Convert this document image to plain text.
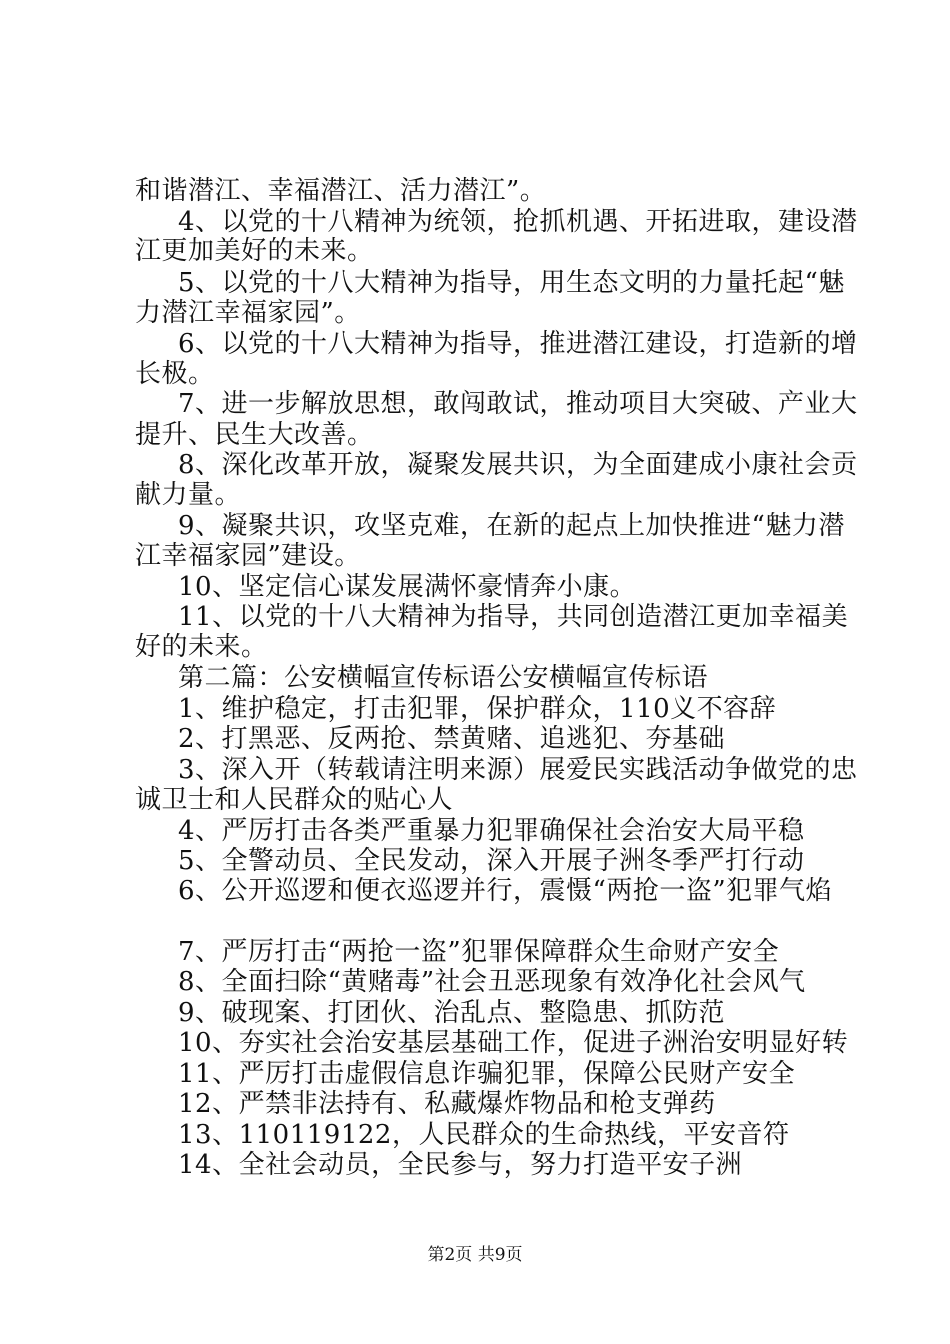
和谐潜江、幸福潜江、活力潜江”。
4、以党的十八精神为统领，抢抓机遇、开拓进取，建设潜
江更加美好的未来。
5、以党的十八大精神为指导，用生态文明的力量托起“魅
力潜江幸福家园”。
6、以党的十八大精神为指导，推进潜江建设，打造新的增
长极。
7、进一步解放思想，敢闯敢试，推动项目大突破、产业大
提升、民生大改善。
8、深化改革开放，凝聚发展共识，为全面建成小康社会贡
献力量。
9、凝聚共识，攻坚克难，在新的起点上加快推进“魅力潜
江幸福家园”建设。
10、坚定信心谋发展满怀豪情奔小康。
11、以党的十八大精神为指导，共同创造潜江更加幸福美
好的未来。
第二篇：公安横幅宣传标语公安横幅宣传标语
1、维护稳定，打击犯罪，保护群众，110义不容辞
2、打黑恶、反两抢、禁黄赌、追逃犯、夯基础
3、深入开（转载请注明来源）展爱民实践活动争做党的忠
诚卫士和人民群众的贴心人
4、严厉打击各类严重暴力犯罪确保社会治安大局平稳
5、全警动员、全民发动，深入开展子洲冬季严打行动
6、公开巡逻和便衣巡逻并行，震慑“两抢一盗”犯罪气焰
7、严厉打击“两抢一盗”犯罪保障群众生命财产安全
8、全面扫除“黄赌毒”社会丑恶现象有效净化社会风气
9、破现案、打团伙、治乱点、整隐患、抓防范
10、夯实社会治安基层基础工作，促进子洲治安明显好转
11、严厉打击虚假信息诈骗犯罪，保障公民财产安全
12、严禁非法持有、私藏爆炸物品和枪支弹药
13、110119122，人民群众的生命热线，平安音符
14、全社会动员，全民参与，努力打造平安子洲
第2页 共9页
